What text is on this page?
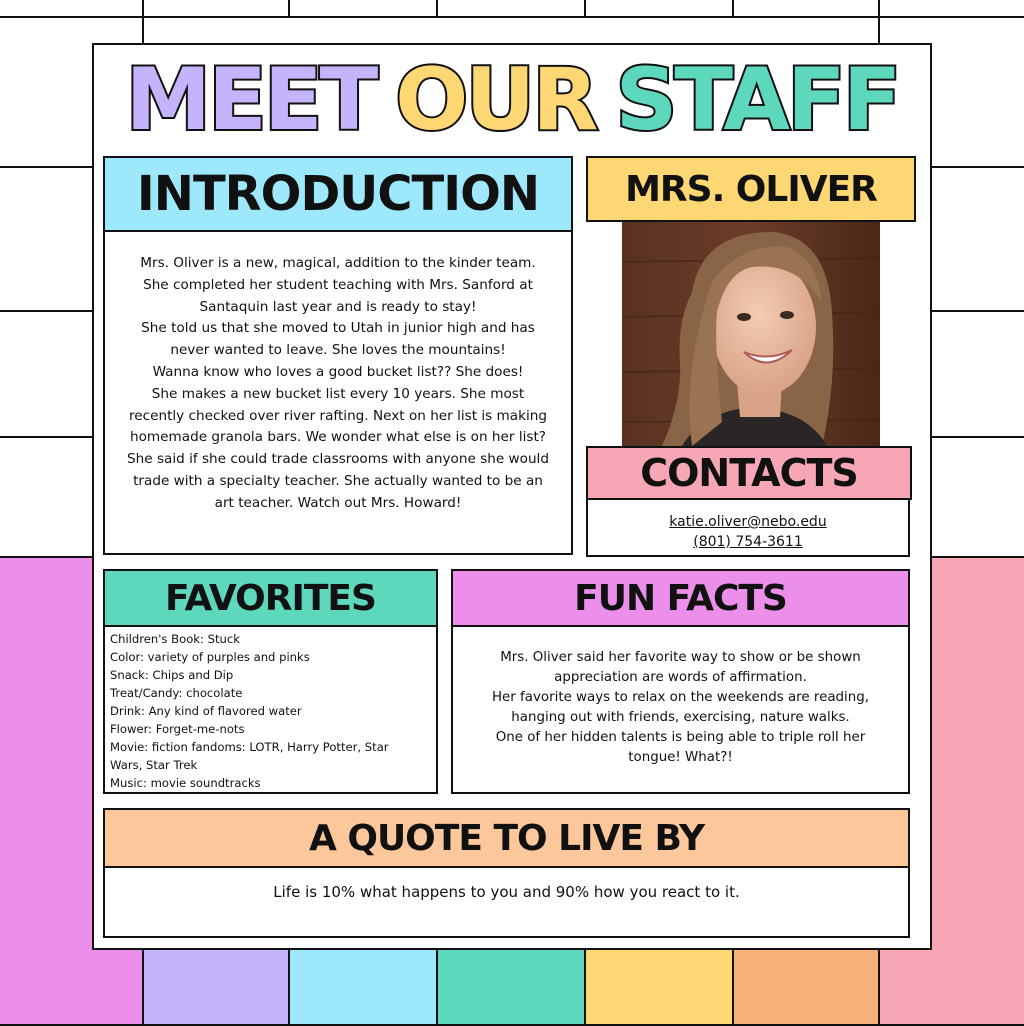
MEET OUR STAFF
INTRODUCTION
Mrs. Oliver is a new, magical, addition to the kinder team.
She completed her student teaching with Mrs. Sanford at
Santaquin last year and is ready to stay!
She told us that she moved to Utah in junior high and has
never wanted to leave. She loves the mountains!
Wanna know who loves a good bucket list?? She does!
She makes a new bucket list every 10 years. She most
recently checked over river rafting. Next on her list is making
homemade granola bars. We wonder what else is on her list?
She said if she could trade classrooms with anyone she would
trade with a specialty teacher. She actually wanted to be an
art teacher. Watch out Mrs. Howard!
MRS. OLIVER
CONTACTS
katie.oliver@nebo.edu
(801) 754-3611
FAVORITES
Children's Book: Stuck
Color: variety of purples and pinks
Snack: Chips and Dip
Treat/Candy: chocolate
Drink: Any kind of flavored water
Flower: Forget-me-nots
Movie: fiction fandoms: LOTR, Harry Potter, Star
Wars, Star Trek
Music: movie soundtracks
FUN FACTS
Mrs. Oliver said her favorite way to show or be shown
appreciation are words of affirmation.
Her favorite ways to relax on the weekends are reading,
hanging out with friends, exercising, nature walks.
One of her hidden talents is being able to triple roll her
tongue! What?!
A QUOTE TO LIVE BY
Life is 10% what happens to you and 90% how you react to it.
